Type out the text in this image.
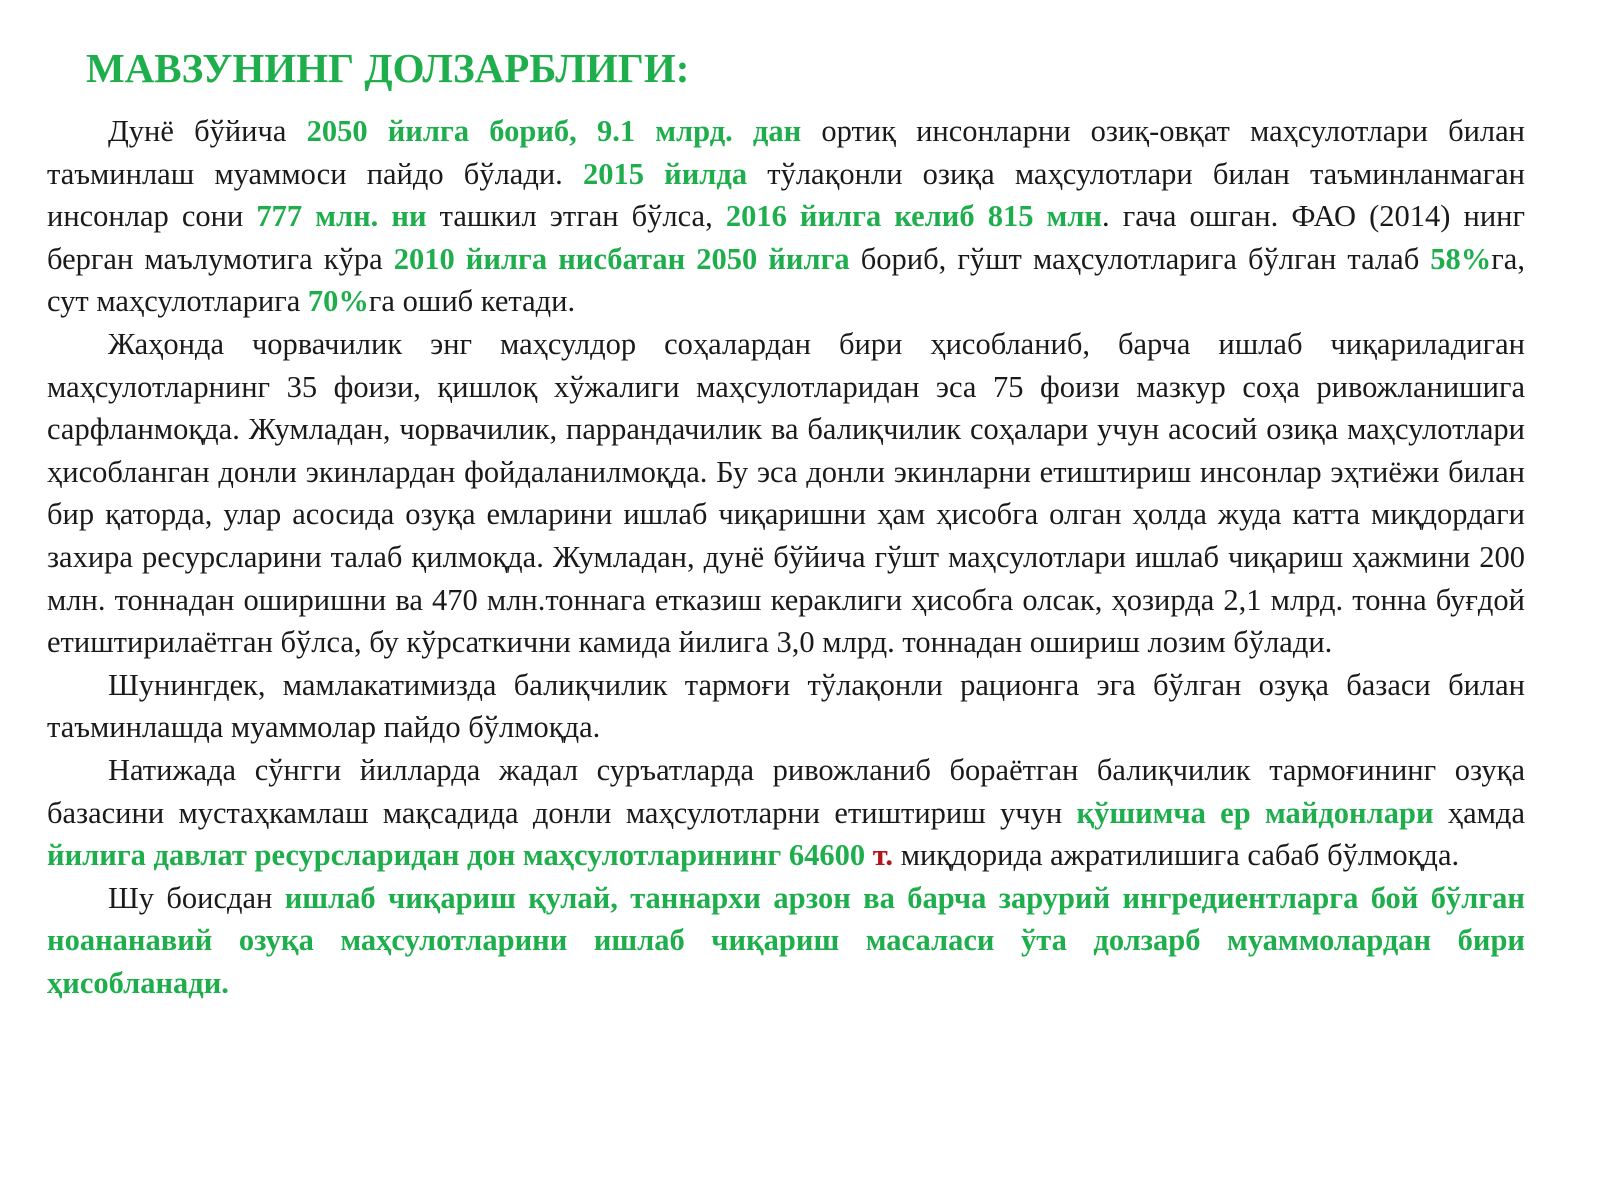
МАВЗУНИНГ ДОЛЗАРБЛИГИ:

Дунё бўйича 2050 йилга бориб, 9.1 млрд. дан ортиқ инсонларни озиқ-овқат маҳсулотлари билан таъминлаш муаммоси пайдо бўлади. 2015 йилда тўлақонли озиқа маҳсулотлари билан таъминланмаган инсонлар сони 777 млн. ни ташкил этган бўлса, 2016 йилга келиб 815 млн. гача ошган. ФАО (2014) нинг берган маълумотига кўра 2010 йилга нисбатан 2050 йилга бориб, гўшт маҳсулотларига бўлган талаб 58%га, сут маҳсулотларига 70%га ошиб кетади.

Жаҳонда чорвачилик энг маҳсулдор соҳалардан бири ҳисобланиб, барча ишлаб чиқариладиган маҳсулотларнинг 35 фоизи, қишлоқ хўжалиги маҳсулотларидан эса 75 фоизи мазкур соҳа ривожланишига сарфланмоқда. Жумладан, чорвачилик, паррандачилик ва балиқчилик соҳалари учун асосий озиқа маҳсулотлари ҳисобланган донли экинлардан фойдаланилмоқда. Бу эса донли экинларни етиштириш инсонлар эҳтиёжи билан бир қаторда, улар асосида озуқа емларини ишлаб чиқаришни ҳам ҳисобга олган ҳолда жуда катта миқдордаги захира ресурсларини талаб қилмоқда. Жумладан, дунё бўйича гўшт маҳсулотлари ишлаб чиқариш ҳажмини 200 млн. тоннадан оширишни ва 470 млн.тоннага етказиш кераклиги ҳисобга олсак, ҳозирда 2,1 млрд. тонна буғдой етиштирилаётган бўлса, бу кўрсаткични камида йилига 3,0 млрд. тоннадан ошириш лозим бўлади.

Шунингдек, мамлакатимизда балиқчилик тармоғи тўлақонли рационга эга бўлган озуқа базаси билан таъминлашда муаммолар пайдо бўлмоқда.

Натижада сўнгги йилларда жадал суръатларда ривожланиб бораётган балиқчилик тармоғининг озуқа базасини мустаҳкамлаш мақсадида донли маҳсулотларни етиштириш учун қўшимча ер майдонлари ҳамда йилига давлат ресурсларидан дон маҳсулотларининг 64600 т. миқдорида ажратилишига сабаб бўлмоқда.

Шу боисдан ишлаб чиқариш қулай, таннархи арзон ва барча зарурий ингредиентларга бой бўлган ноананавий озуқа маҳсулотларини ишлаб чиқариш масаласи ўта долзарб муаммолардан бири ҳисобланади.
